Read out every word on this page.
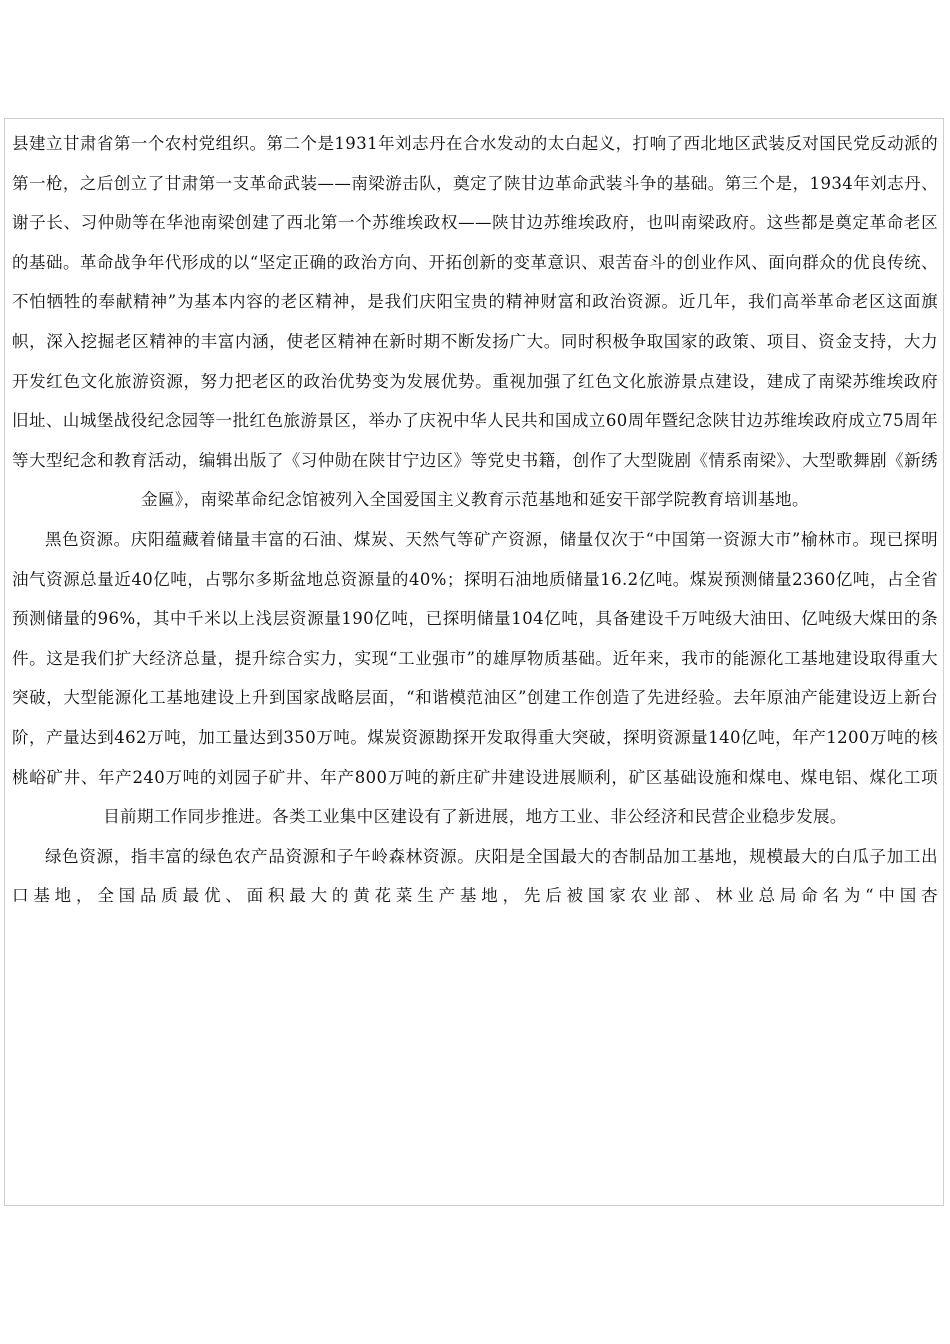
县建立甘肃省第一个农村党组织。第二个是1931年刘志丹在合水发动的太白起义，打响了西北地区武装反对国民党反动派的第一枪，之后创立了甘肃第一支革命武装——南梁游击队，奠定了陕甘边革命武装斗争的基础。第三个是，1934年刘志丹、谢子长、习仲勋等在华池南梁创建了西北第一个苏维埃政权——陕甘边苏维埃政府，也叫南梁政府。这些都是奠定革命老区的基础。革命战争年代形成的以“坚定正确的政治方向、开拓创新的变革意识、艰苦奋斗的创业作风、面向群众的优良传统、不怕牺牲的奉献精神”为基本内容的老区精神，是我们庆阳宝贵的精神财富和政治资源。近几年，我们高举革命老区这面旗帜，深入挖掘老区精神的丰富内涵，使老区精神在新时期不断发扬广大。同时积极争取国家的政策、项目、资金支持，大力开发红色文化旅游资源，努力把老区的政治优势变为发展优势。重视加强了红色文化旅游景点建设，建成了南梁苏维埃政府旧址、山城堡战役纪念园等一批红色旅游景区，举办了庆祝中华人民共和国成立60周年暨纪念陕甘边苏维埃政府成立75周年等大型纪念和教育活动，编辑出版了《习仲勋在陕甘宁边区》等党史书籍，创作了大型陇剧《情系南梁》、大型歌舞剧《新绣金匾》，南梁革命纪念馆被列入全国爱国主义教育示范基地和延安干部学院教育培训基地。

黑色资源。庆阳蕴藏着储量丰富的石油、煤炭、天然气等矿产资源，储量仅次于“中国第一资源大市”榆林市。现已探明油气资源总量近40亿吨，占鄂尔多斯盆地总资源量的40%；探明石油地质储量16.2亿吨。煤炭预测储量2360亿吨，占全省预测储量的96%，其中千米以上浅层资源量190亿吨，已探明储量104亿吨，具备建设千万吨级大油田、亿吨级大煤田的条件。这是我们扩大经济总量，提升综合实力，实现“工业强市”的雄厚物质基础。近年来，我市的能源化工基地建设取得重大突破，大型能源化工基地建设上升到国家战略层面，“和谐模范油区”创建工作创造了先进经验。去年原油产能建设迈上新台阶，产量达到462万吨，加工量达到350万吨。煤炭资源勘探开发取得重大突破，探明资源量140亿吨，年产1200万吨的核桃峪矿井、年产240万吨的刘园子矿井、年产800万吨的新庄矿井建设进展顺利，矿区基础设施和煤电、煤电铝、煤化工项目前期工作同步推进。各类工业集中区建设有了新进展，地方工业、非公经济和民营企业稳步发展。

绿色资源，指丰富的绿色农产品资源和子午岭森林资源。庆阳是全国最大的杏制品加工基地，规模最大的白瓜子加工出口基地，全国品质最优、面积最大的黄花菜生产基地，先后被国家农业部、林业总局命名为“中国杏
